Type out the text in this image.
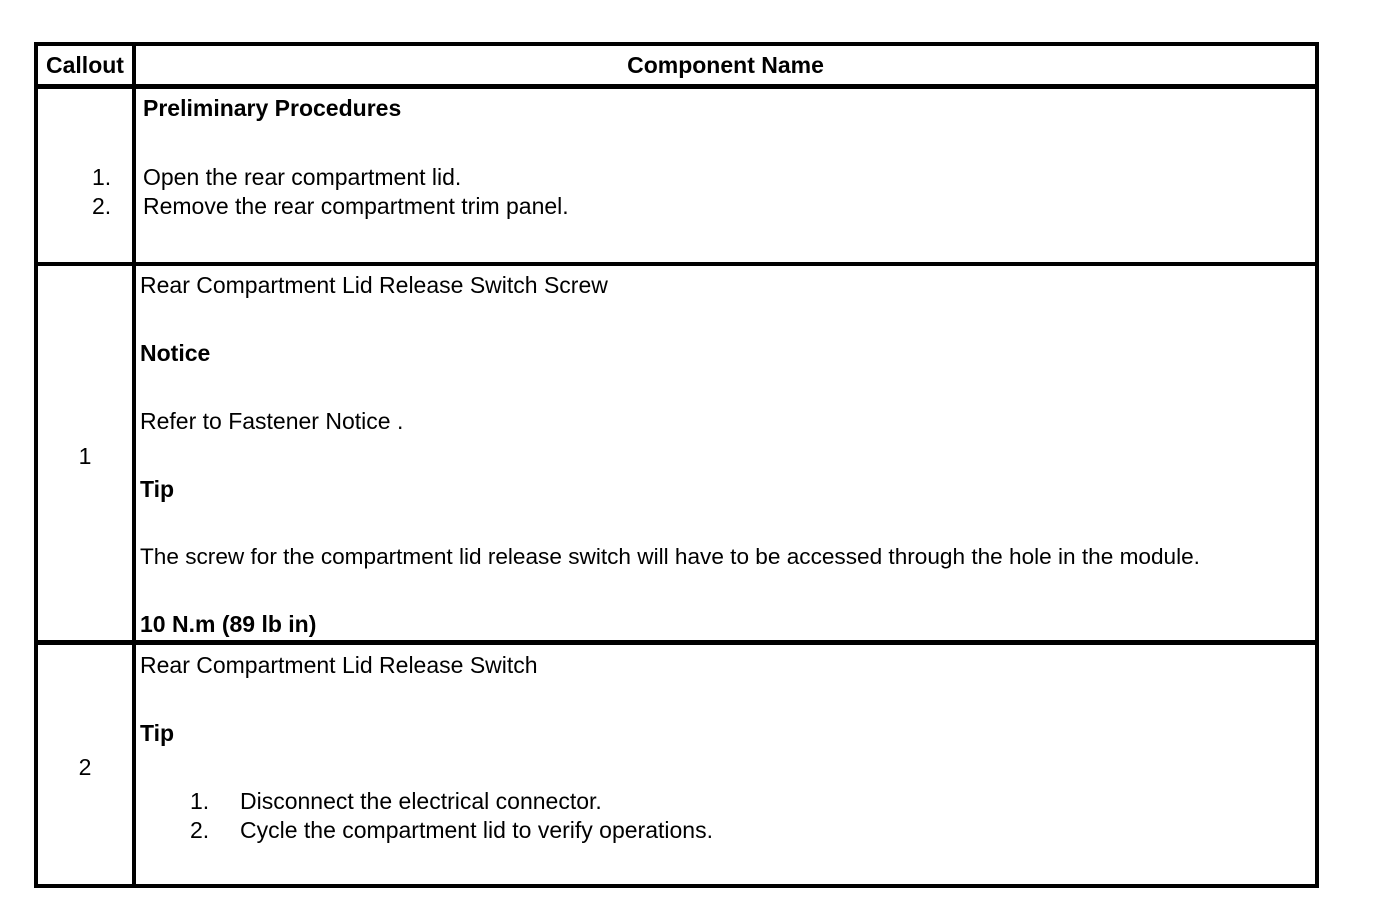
Callout	Component Name
Preliminary Procedures
1. Open the rear compartment lid.
2. Remove the rear compartment trim panel.
1
Rear Compartment Lid Release Switch Screw
Notice
Refer to Fastener Notice .
Tip
The screw for the compartment lid release switch will have to be accessed through the hole in the module.
10 N.m (89 lb in)
2
Rear Compartment Lid Release Switch
Tip
1. Disconnect the electrical connector.
2. Cycle the compartment lid to verify operations.
